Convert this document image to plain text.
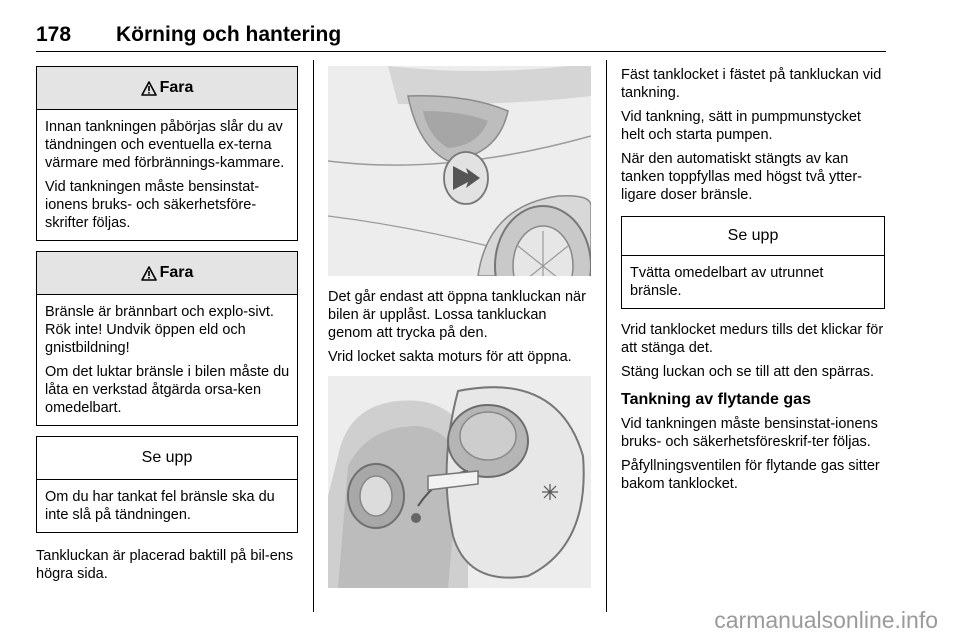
178 Körning och hantering
Fara

Innan tankningen påbörjas slår du av tändningen och eventuella ex-terna värmare med förbrännings-kammare.

Vid tankningen måste bensinstat-ionens bruks- och säkerhetsföre-skrifter följas.

Fara

Bränsle är brännbart och explo-sivt. Rök inte! Undvik öppen eld och gnistbildning!

Om det luktar bränsle i bilen måste du låta en verkstad åtgärda orsa-ken omedelbart.

Se upp

Om du har tankat fel bränsle ska du inte slå på tändningen.

Tankluckan är placerad baktill på bil-ens högra sida.

Det går endast att öppna tankluckan när bilen är upplåst. Lossa tankluckan genom att trycka på den.

Vrid locket sakta moturs för att öppna.

Fäst tanklocket i fästet på tankluckan vid tankning.

Vid tankning, sätt in pumpmunstycket helt och starta pumpen.

När den automatiskt stängts av kan tanken toppfyllas med högst två ytter-ligare doser bränsle.

Se upp

Tvätta omedelbart av utrunnet bränsle.

Vrid tanklocket medurs tills det klickar för att stänga det.

Stäng luckan och se till att den spärras.

Tankning av flytande gas

Vid tankningen måste bensinstat-ionens bruks- och säkerhetsföreskrif-ter följas.

Påfyllningsventilen för flytande gas sitter bakom tanklocket.

carmanualsonline.info
